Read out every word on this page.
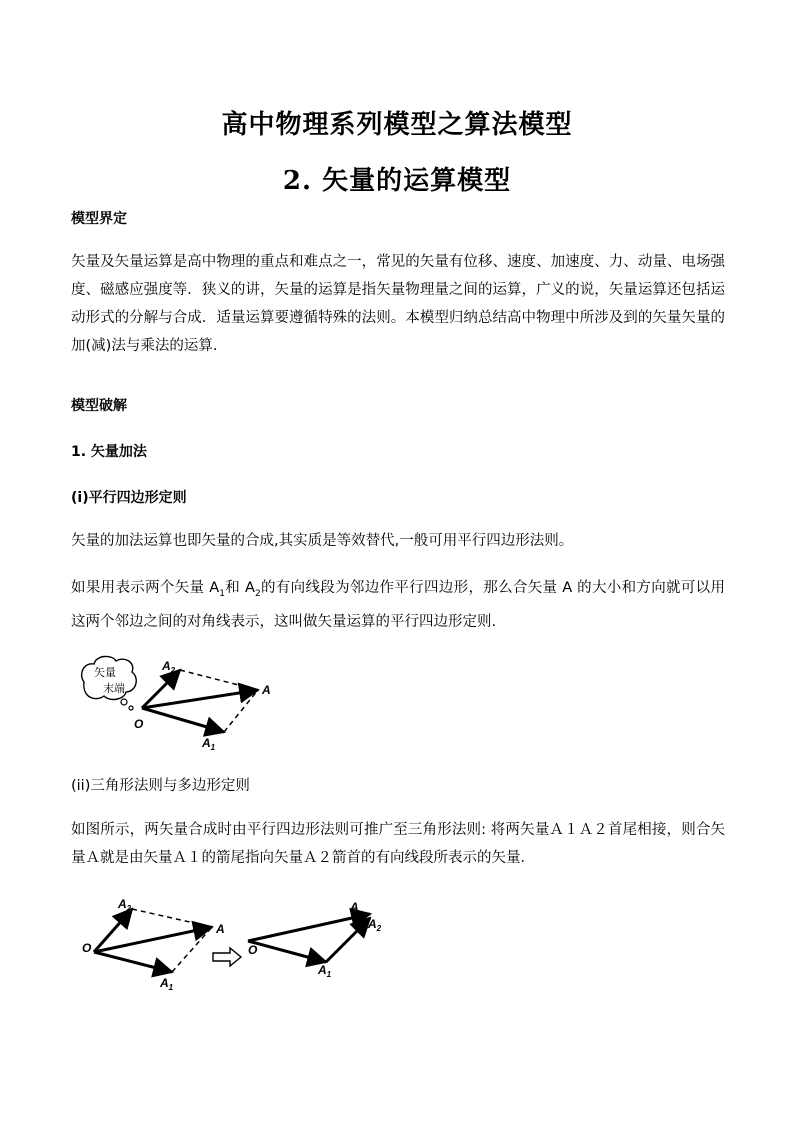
高中物理系列模型之算法模型
2. 矢量的运算模型
模型界定
矢量及矢量运算是高中物理的重点和难点之一，常见的矢量有位移、速度、加速度、力、动量、电场强度、磁感应强度等．狭义的讲，矢量的运算是指矢量物理量之间的运算，广义的说，矢量运算还包括运动形式的分解与合成．适量运算要遵循特殊的法则。本模型归纳总结高中物理中所涉及到的矢量矢量的加(减)法与乘法的运算.
模型破解
1. 矢量加法
(i)平行四边形定则
矢量的加法运算也即矢量的合成,其实质是等效替代,一般可用平行四边形法则。
如果用表示两个矢量 $A_1$和 $A_2$的有向线段为邻边作平行四边形，那么合矢量 A 的大小和方向就可以用这两个邻边之间的对角线表示，这叫做矢量运算的平行四边形定则.
矢量
末端
O
A
$A_1$
$A_2$
(ii)三角形法则与多边形定则
如图所示，两矢量合成时由平行四边形法则可推广至三角形法则: 将两矢量Ａ１Ａ２首尾相接，则合矢量Ａ就是由矢量Ａ１的箭尾指向矢量Ａ２箭首的有向线段所表示的矢量．
O
A
$A_1$
$A_2$
O
A
$A_1$
$A_2$
